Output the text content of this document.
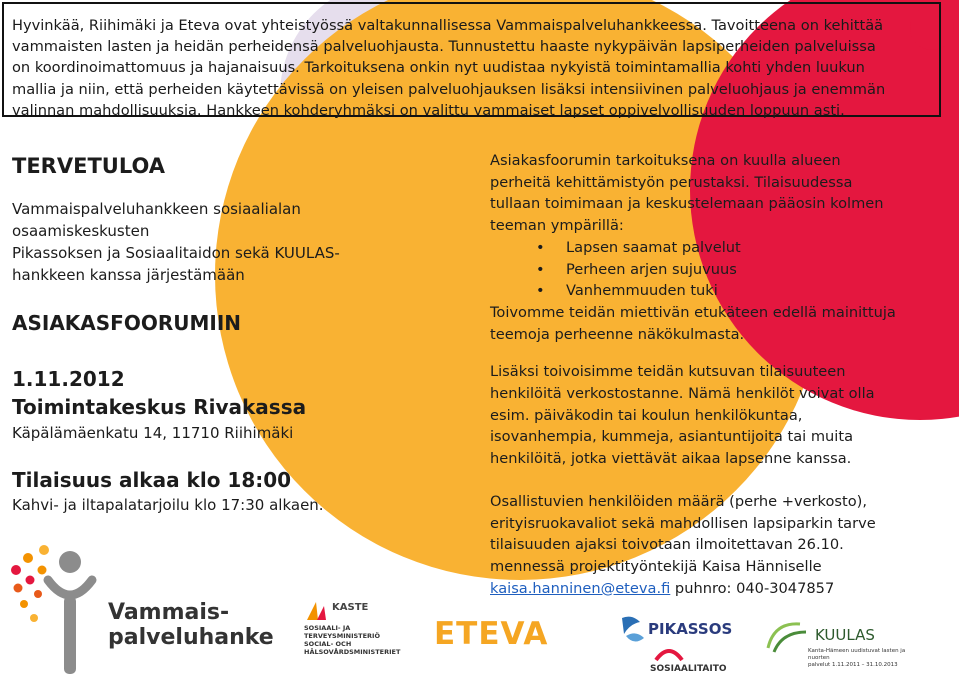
Hyvinkää, Riihimäki ja Eteva ovat yhteistyössä valtakunnallisessa Vammaispalveluhankkeessa. Tavoitteena on kehittää
vammaisten lasten ja heidän perheidensä palveluohjausta. Tunnustettu haaste nykypäivän lapsiperheiden palveluissa
on koordinoimattomuus ja hajanaisuus. Tarkoituksena onkin nyt uudistaa nykyistä toimintamallia kohti yhden luukun
mallia ja niin, että perheiden käytettävissä on yleisen palveluohjauksen lisäksi intensiivinen palveluohjaus ja enemmän
valinnan mahdollisuuksia. Hankkeen kohderyhmäksi on valittu vammaiset lapset oppivelvollisuuden loppuun asti.
TERVETULOA
Vammaispalveluhankkeen sosiaalialan
osaamiskeskusten
Pikassoksen ja Sosiaalitaidon sekä KUULAS-
hankkeen kanssa järjestämään
ASIAKASFOORUMIIN
1.11.2012
Toimintakeskus Rivakassa
Käpälämäenkatu 14, 11710 Riihimäki
Tilaisuus alkaa klo 18:00
Kahvi- ja iltapalatarjoilu klo 17:30 alkaen.

Asiakasfoorumin tarkoituksena on kuulla alueen

perheitä kehittämistyön perustaksi. Tilaisuudessa

tullaan toimimaan ja keskustelemaan pääosin kolmen

teeman ympärillä:

• Lapsen saamat palvelut
• Perheen arjen sujuvuus
• Vanhemmuuden tuki

Toivomme teidän miettivän etukäteen edellä mainittuja

teemoja perheenne näkökulmasta.

Lisäksi toivoisimme teidän kutsuvan tilaisuuteen

henkilöitä verkostostanne. Nämä henkilöt voivat olla

esim. päiväkodin tai koulun henkilökuntaa,

isovanhempia, kummeja, asiantuntijoita tai muita

henkilöitä, jotka viettävät aikaa lapsenne kanssa.

Osallistuvien henkilöiden määrä (perhe +verkosto),

erityisruokavaliot sekä mahdollisen lapsiparkin tarve

tilaisuuden ajaksi toivotaan ilmoitettavan 26.10.

mennessä projektityöntekijä Kaisa Hänniselle

kaisa.hanninen@eteva.fi puhnro: 040-3047857

Vammais-
palveluhanke
KASTE
SOSIAALI- JA TERVEYSMINISTERIÖ
SOCIAL- OCH HÄLSOVÅRDSMINISTERIET	ETEVA	PIKASSOS
SOSIAALITAITO
KUULAS
Kanta-Hämeen uudistuvat lasten ja nuorten
palvelut 1.11.2011 – 31.10.2013
